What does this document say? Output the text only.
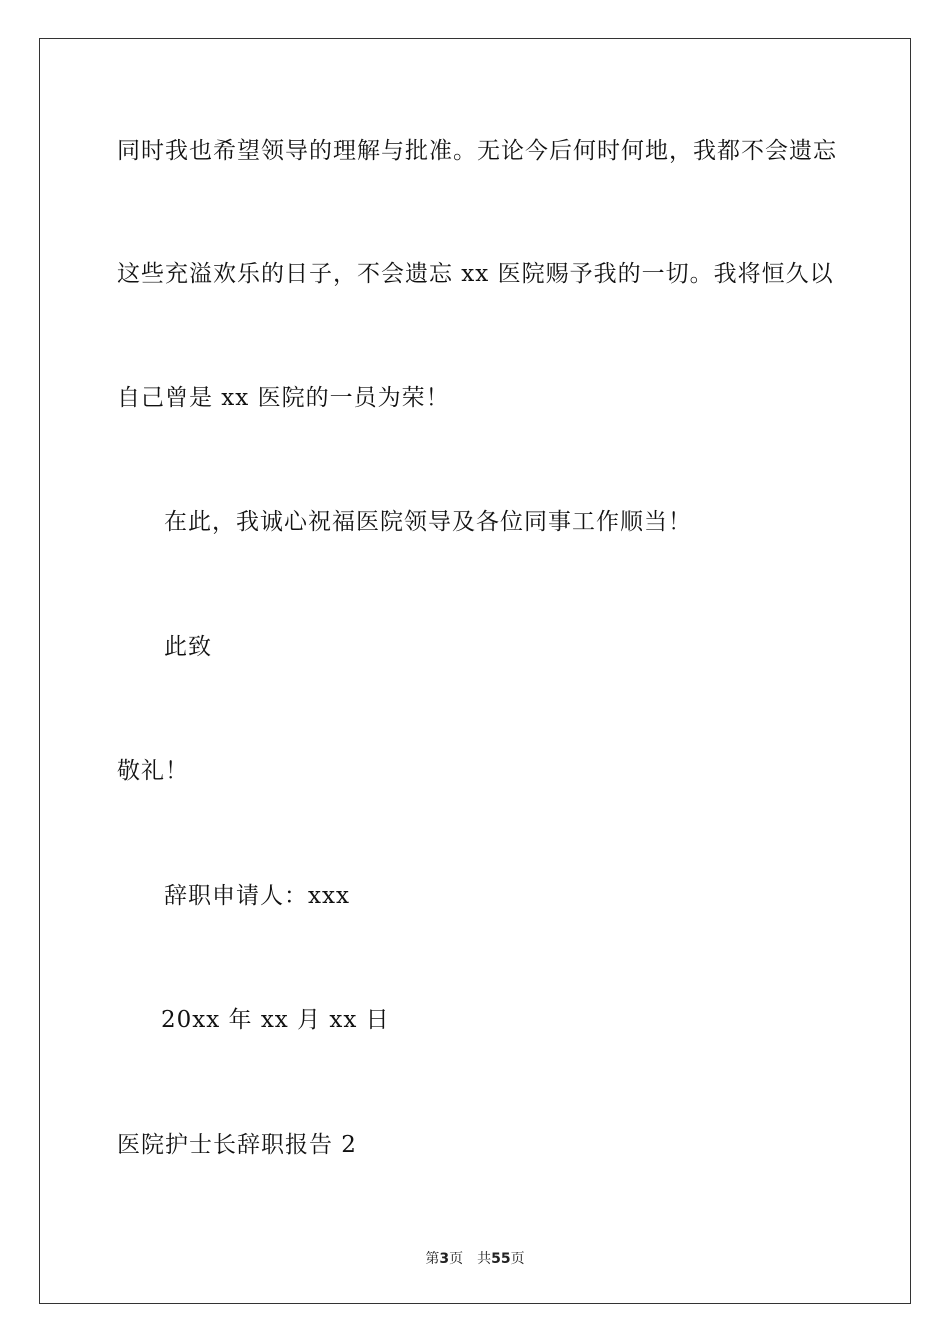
同时我也希望领导的理解与批准。无论今后何时何地，我都不会遗忘
这些充溢欢乐的日子，不会遗忘 xx 医院赐予我的一切。我将恒久以
自己曾是 xx 医院的一员为荣！
在此，我诚心祝福医院领导及各位同事工作顺当！
此致
敬礼！
辞职申请人：xxx
20xx 年 xx 月 xx 日
医院护士长辞职报告 2
第3页 共55页
